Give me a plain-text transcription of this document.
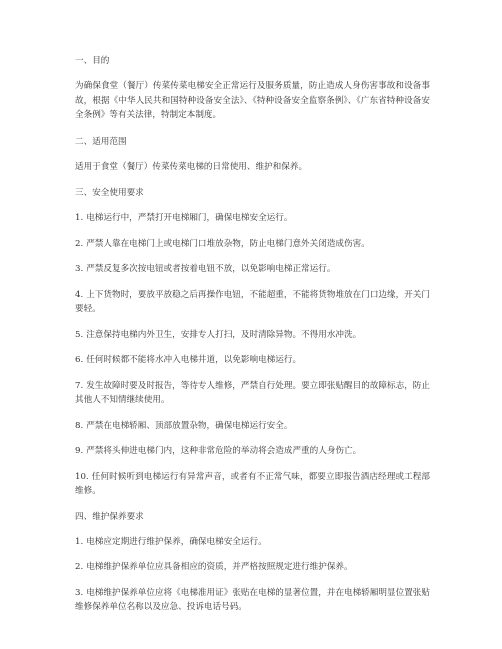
一、目的
为确保食堂（餐厅）传菜传菜电梯安全正常运行及服务质量，防止造成人身伤害事故和设备事故，根据《中华人民共和国特种设备安全法》、《特种设备安全监察条例》、《广东省特种设备安全条例》等有关法律，特制定本制度。
二、适用范围
适用于食堂（餐厅）传菜传菜电梯的日常使用、维护和保养。
三、安全使用要求
1. 电梯运行中，严禁打开电梯厢门，确保电梯安全运行。
2. 严禁人靠在电梯门上或电梯门口堆放杂物，防止电梯门意外关闭造成伤害。
3. 严禁反复多次按电钮或者按着电钮不放，以免影响电梯正常运行。
4. 上下货物时，要放平放稳之后再操作电钮，不能超重，不能将货物堆放在门口边缘，开关门要轻。
5. 注意保持电梯内外卫生，安排专人打扫，及时清除异物。不得用水冲洗。
6. 任何时候都不能将水冲入电梯井道，以免影响电梯运行。
7. 发生故障时要及时报告，等待专人维修，严禁自行处理。要立即张贴醒目的故障标志，防止其他人不知情继续使用。
8. 严禁在电梯轿厢、顶部放置杂物，确保电梯运行安全。
9. 严禁将头伸进电梯门内，这种非常危险的举动将会造成严重的人身伤亡。
10. 任何时候听到电梯运行有异常声音，或者有不正常气味，都要立即报告酒店经理或工程部维修。
四、维护保养要求
1. 电梯应定期进行维护保养，确保电梯安全运行。
2. 电梯维护保养单位应具备相应的资质，并严格按照规定进行维护保养。
3. 电梯维护保养单位应将《电梯准用证》张贴在电梯的显著位置，并在电梯轿厢明显位置张贴维修保养单位名称以及应急、投诉电话号码。
